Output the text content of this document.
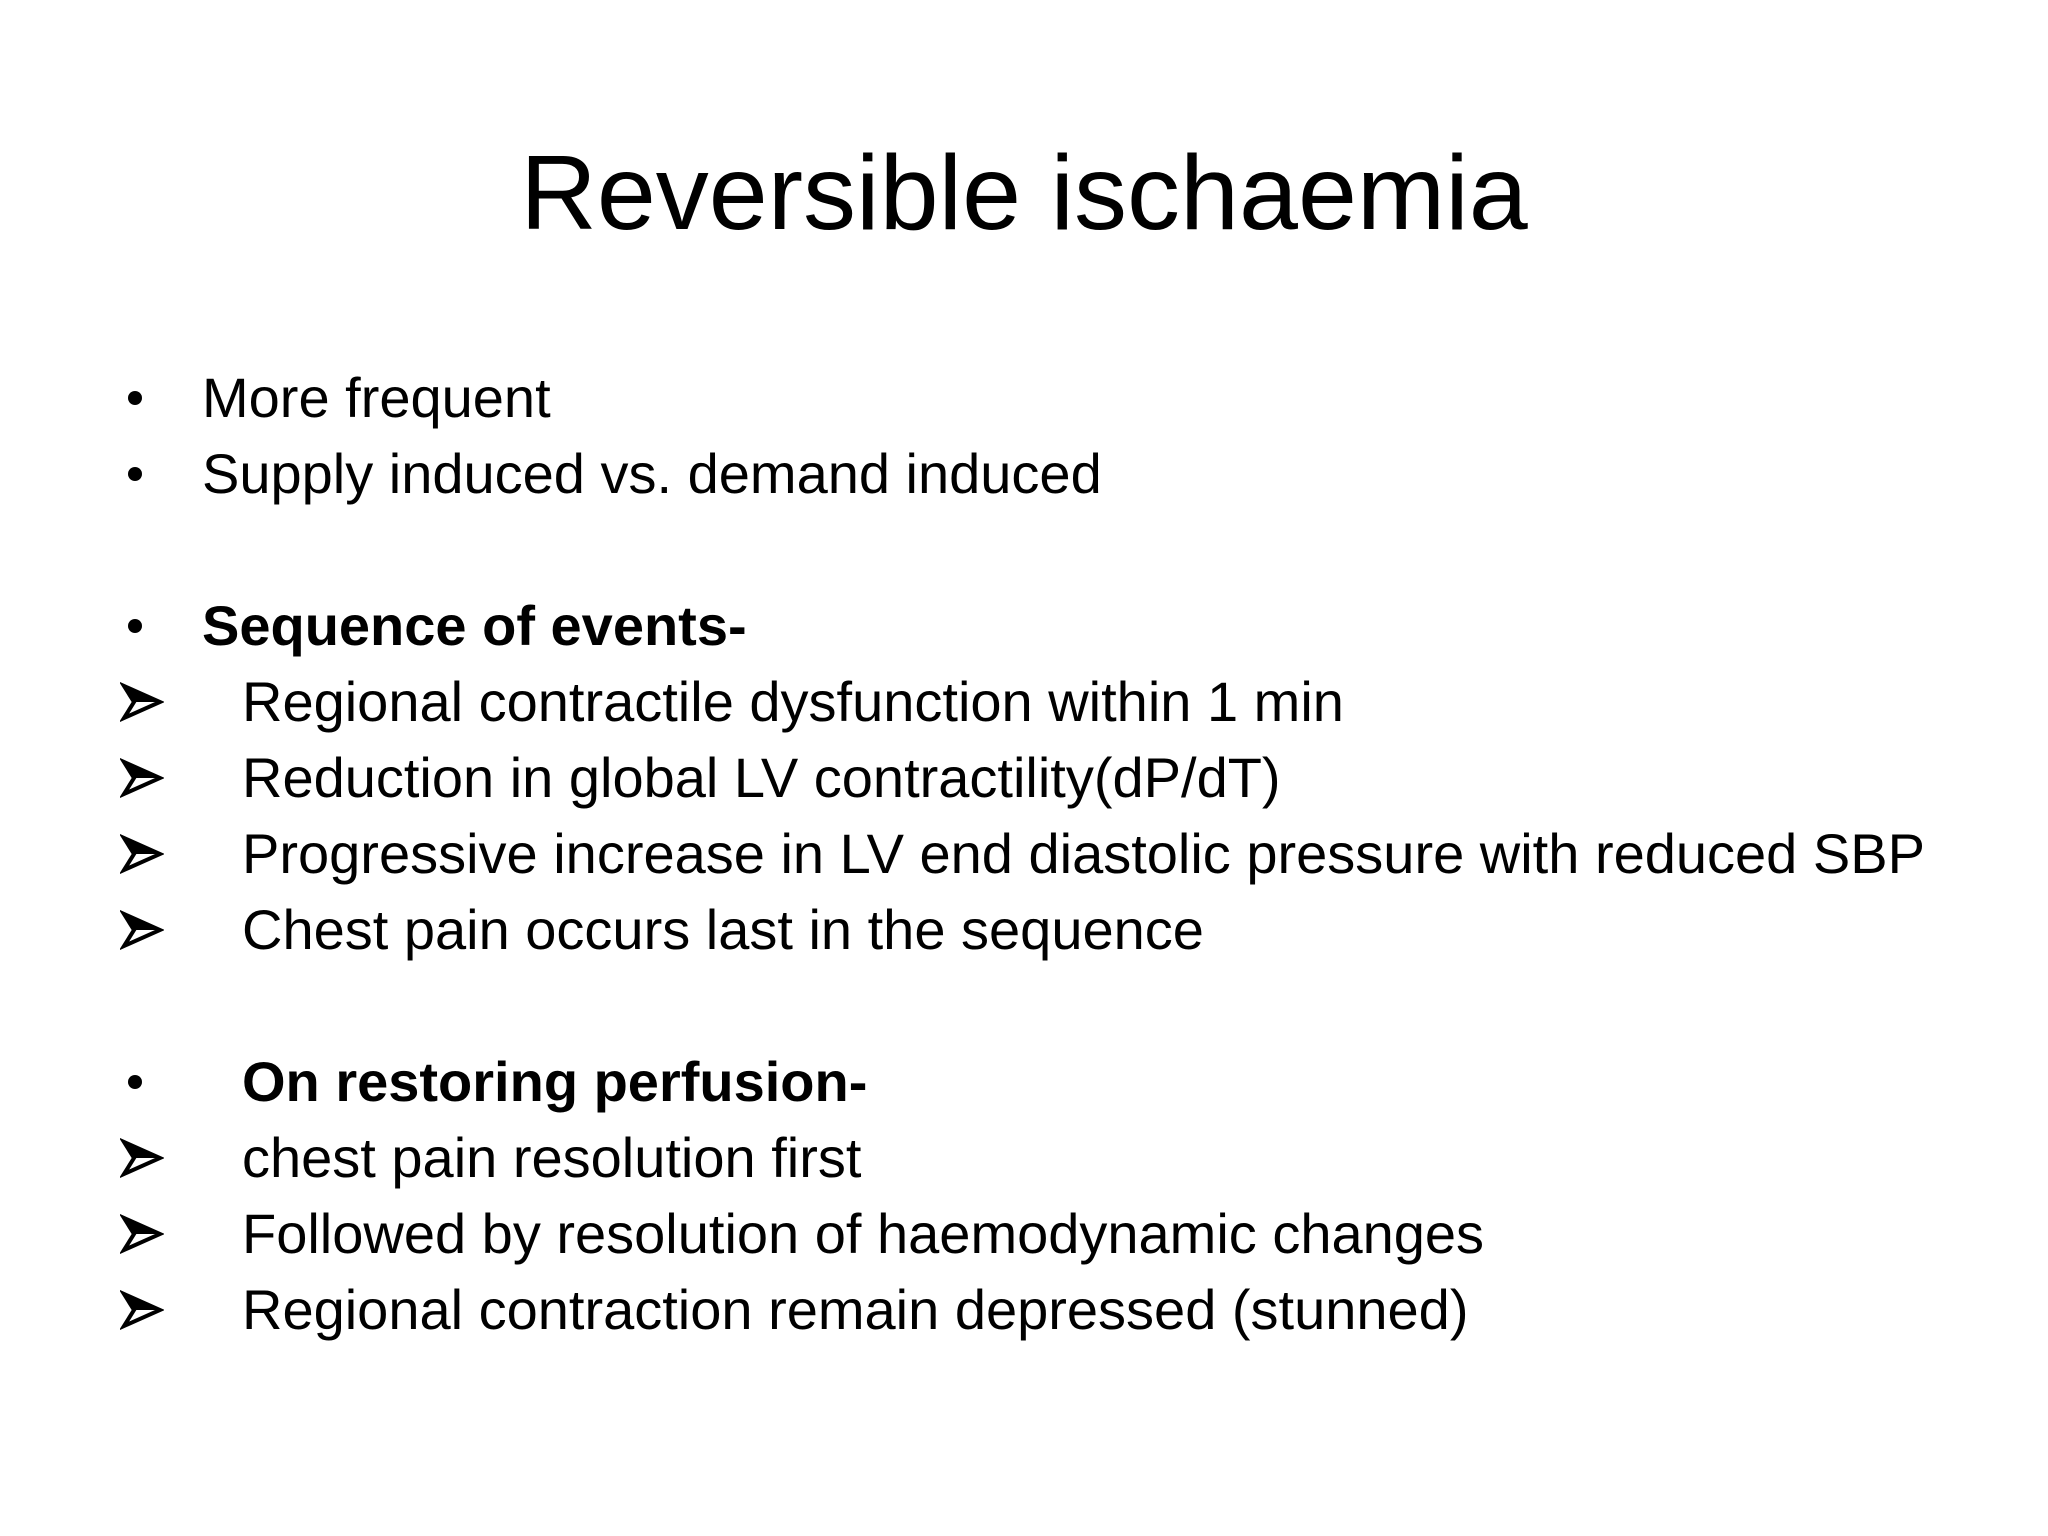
Reversible ischaemia
More frequent
Supply induced vs. demand induced
Sequence of events-
Regional contractile dysfunction within 1 min
Reduction in global LV contractility(dP/dT)
Progressive increase in LV end diastolic pressure with reduced SBP
Chest pain occurs last in the sequence
On restoring perfusion-
chest pain resolution first
Followed by resolution of haemodynamic changes
Regional contraction remain depressed (stunned)
